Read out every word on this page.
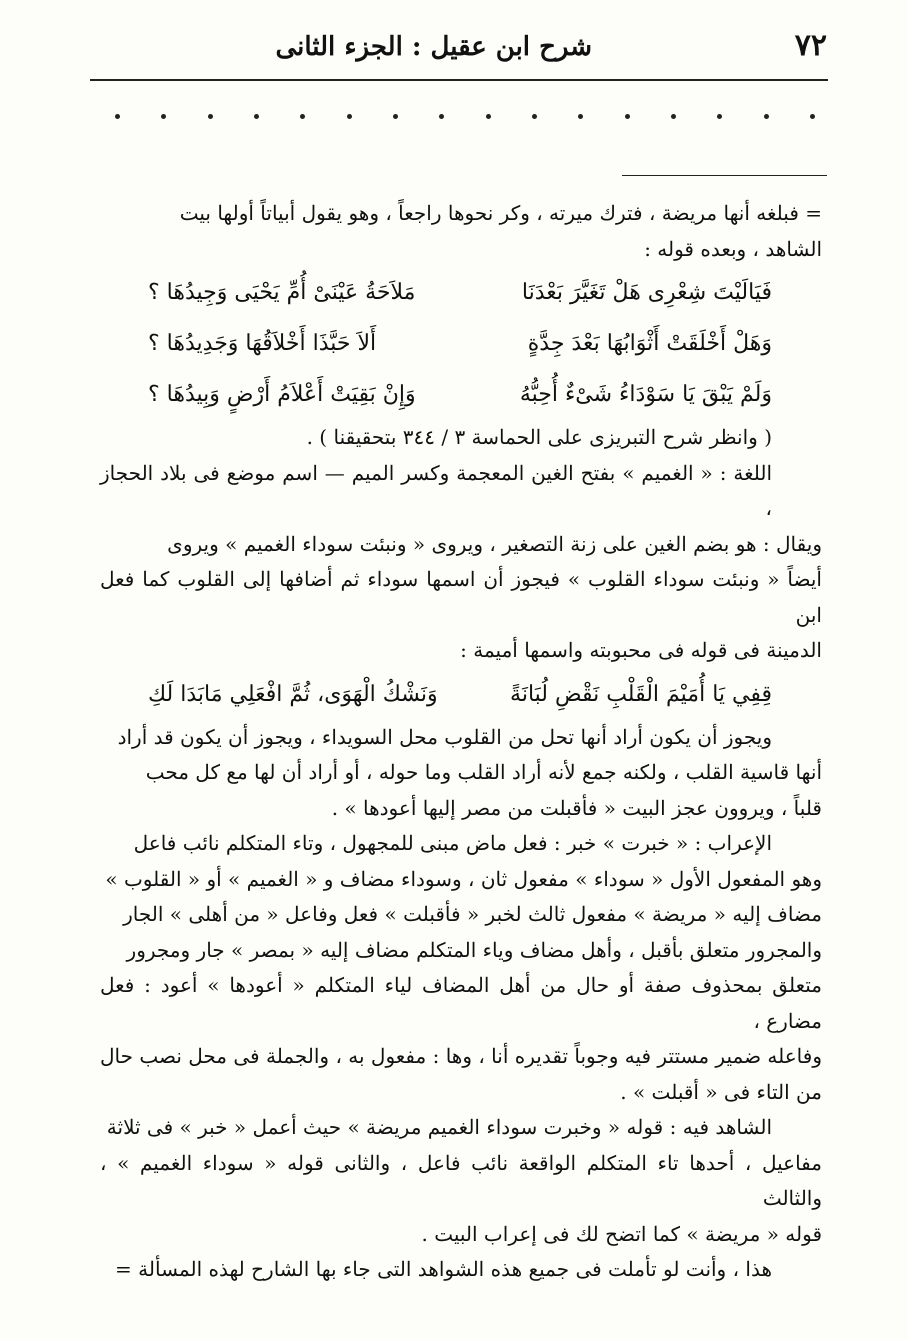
٧٢
شرح ابن عقيل : الجزء الثانى

= فبلغه أنها مريضة ، فترك ميرته ، وكر نحوها راجعاً ، وهو يقول أبياتاً أولها بيت

الشاهد ، وبعده قوله :

فَيَالَيْتَ شِعْرِى هَلْ تَغَيَّرَ بَعْدَنَا
مَلاَحَةُ عَيْنَىْ أُمِّ يَحْيَى وَجِيدُهَا ؟
وَهَلْ أَخْلَقَتْ أَثْوَابُهَا بَعْدَ جِدَّةٍ
أَلاَ حَبَّذَا أَخْلاَقُهَا وَجَدِيدُهَا ؟
وَلَمْ يَبْقَ يَا سَوْدَاءُ شَىْءٌ أُحِبُّهُ
وَإِنْ بَقِيَتْ أَعْلاَمُ أَرْضٍ وَبِيدُهَا ؟

( وانظر شرح التبريزى على الحماسة ٣ / ٣٤٤ بتحقيقنا ) .

اللغة : « الغميم » بفتح الغين المعجمة وكسر الميم — اسم موضع فى بلاد الحجاز ،

ويقال : هو بضم الغين على زنة التصغير ، ويروى « ونبئت سوداء الغميم » ويروى

أيضاً « ونبئت سوداء القلوب » فيجوز أن اسمها سوداء ثم أضافها إلى القلوب كما فعل ابن

الدمينة فى قوله فى محبوبته واسمها أميمة :

قِفِي يَا أُمَيْمَ الْقَلْبِ نَقْضِ لُبَانَةً
وَنَشْكُ الْهَوَى، ثُمَّ افْعَلِي مَابَدَا لَكِ

ويجوز أن يكون أراد أنها تحل من القلوب محل السويداء ، ويجوز أن يكون قد أراد

أنها قاسية القلب ، ولكنه جمع لأنه أراد القلب وما حوله ، أو أراد أن لها مع كل محب

قلباً ، ويروون عجز البيت « فأقبلت من مصر إليها أعودها » .

الإعراب : « خبرت » خبر : فعل ماض مبنى للمجهول ، وتاء المتكلم نائب فاعل

وهو المفعول الأول « سوداء » مفعول ثان ، وسوداء مضاف و « الغميم » أو « القلوب »

مضاف إليه « مريضة » مفعول ثالث لخبر « فأقبلت » فعل وفاعل « من أهلى » الجار

والمجرور متعلق بأقبل ، وأهل مضاف وياء المتكلم مضاف إليه « بمصر » جار ومجرور

متعلق بمحذوف صفة أو حال من أهل المضاف لياء المتكلم « أعودها » أعود : فعل مضارع ،

وفاعله ضمير مستتر فيه وجوباً تقديره أنا ، وها : مفعول به ، والجملة فى محل نصب حال

من التاء فى « أقبلت » .

الشاهد فيه : قوله « وخبرت سوداء الغميم مريضة » حيث أعمل « خبر » فى ثلاثة

مفاعيل ، أحدها تاء المتكلم الواقعة نائب فاعل ، والثانى قوله « سوداء الغميم » ، والثالث

قوله « مريضة » كما اتضح لك فى إعراب البيت .

هذا ، وأنت لو تأملت فى جميع هذه الشواهد التى جاء بها الشارح لهذه المسألة =
